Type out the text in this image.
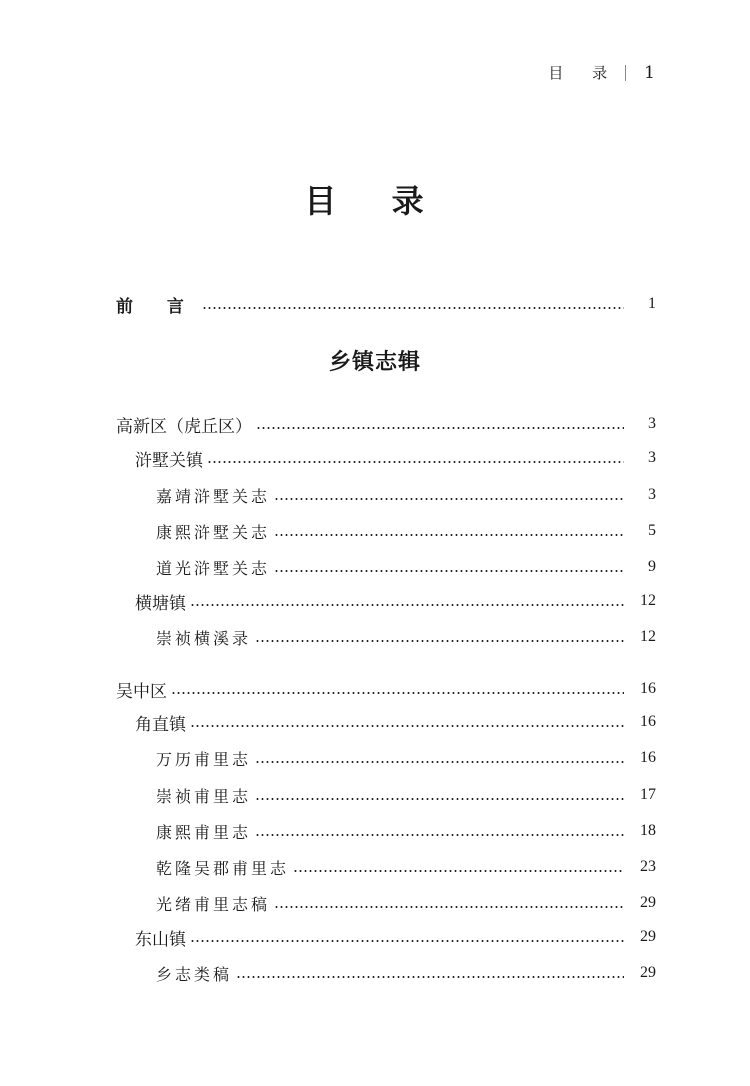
目 录 1
目 录
前 言	1
乡镇志辑
高新区（虎丘区）	3
浒墅关镇	3
嘉靖浒墅关志	3
康熙浒墅关志	5
道光浒墅关志	9
横塘镇	12
崇祯横溪录	12
吴中区	16
角直镇	16
万历甫里志	16
崇祯甫里志	17
康熙甫里志	18
乾隆吴郡甫里志	23
光绪甫里志稿	29
东山镇	29
乡志类稿	29
